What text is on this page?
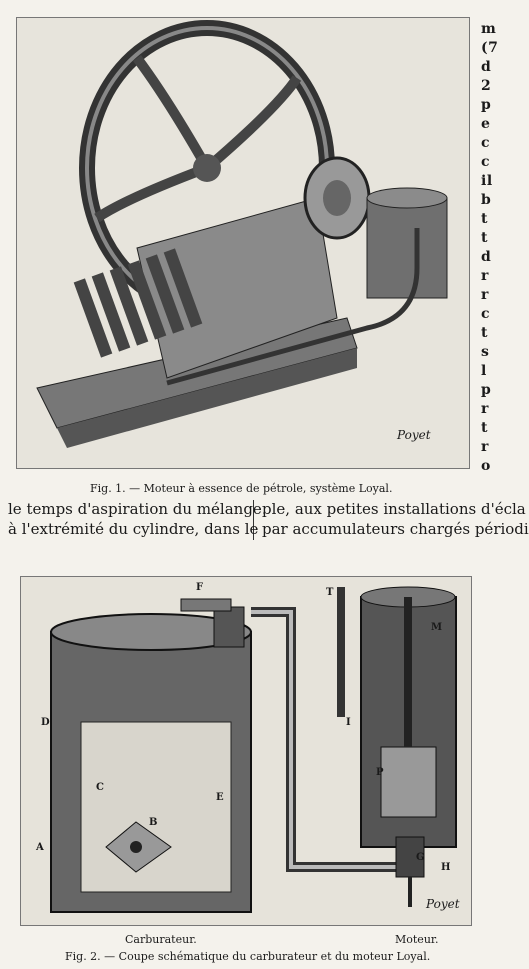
Poyet
Fig. 1. — Moteur à essence de pétrole, système Loyal.
m
(7
d
2
p
e
c
c
il
b
t
t
d
r
r
c
t
s
l
p
r
t
r
o
le temps d'aspiration du mélange.
à l'extrémité du cylindre, dans le
ple, aux petites installations d'écla
par accumulateurs chargés périodi
F	T
M
D
C
E
B
A
I
P
G
H
Poyet
Carburateur.	Moteur.
Fig. 2. — Coupe schématique du carburateur et du moteur Loyal.
